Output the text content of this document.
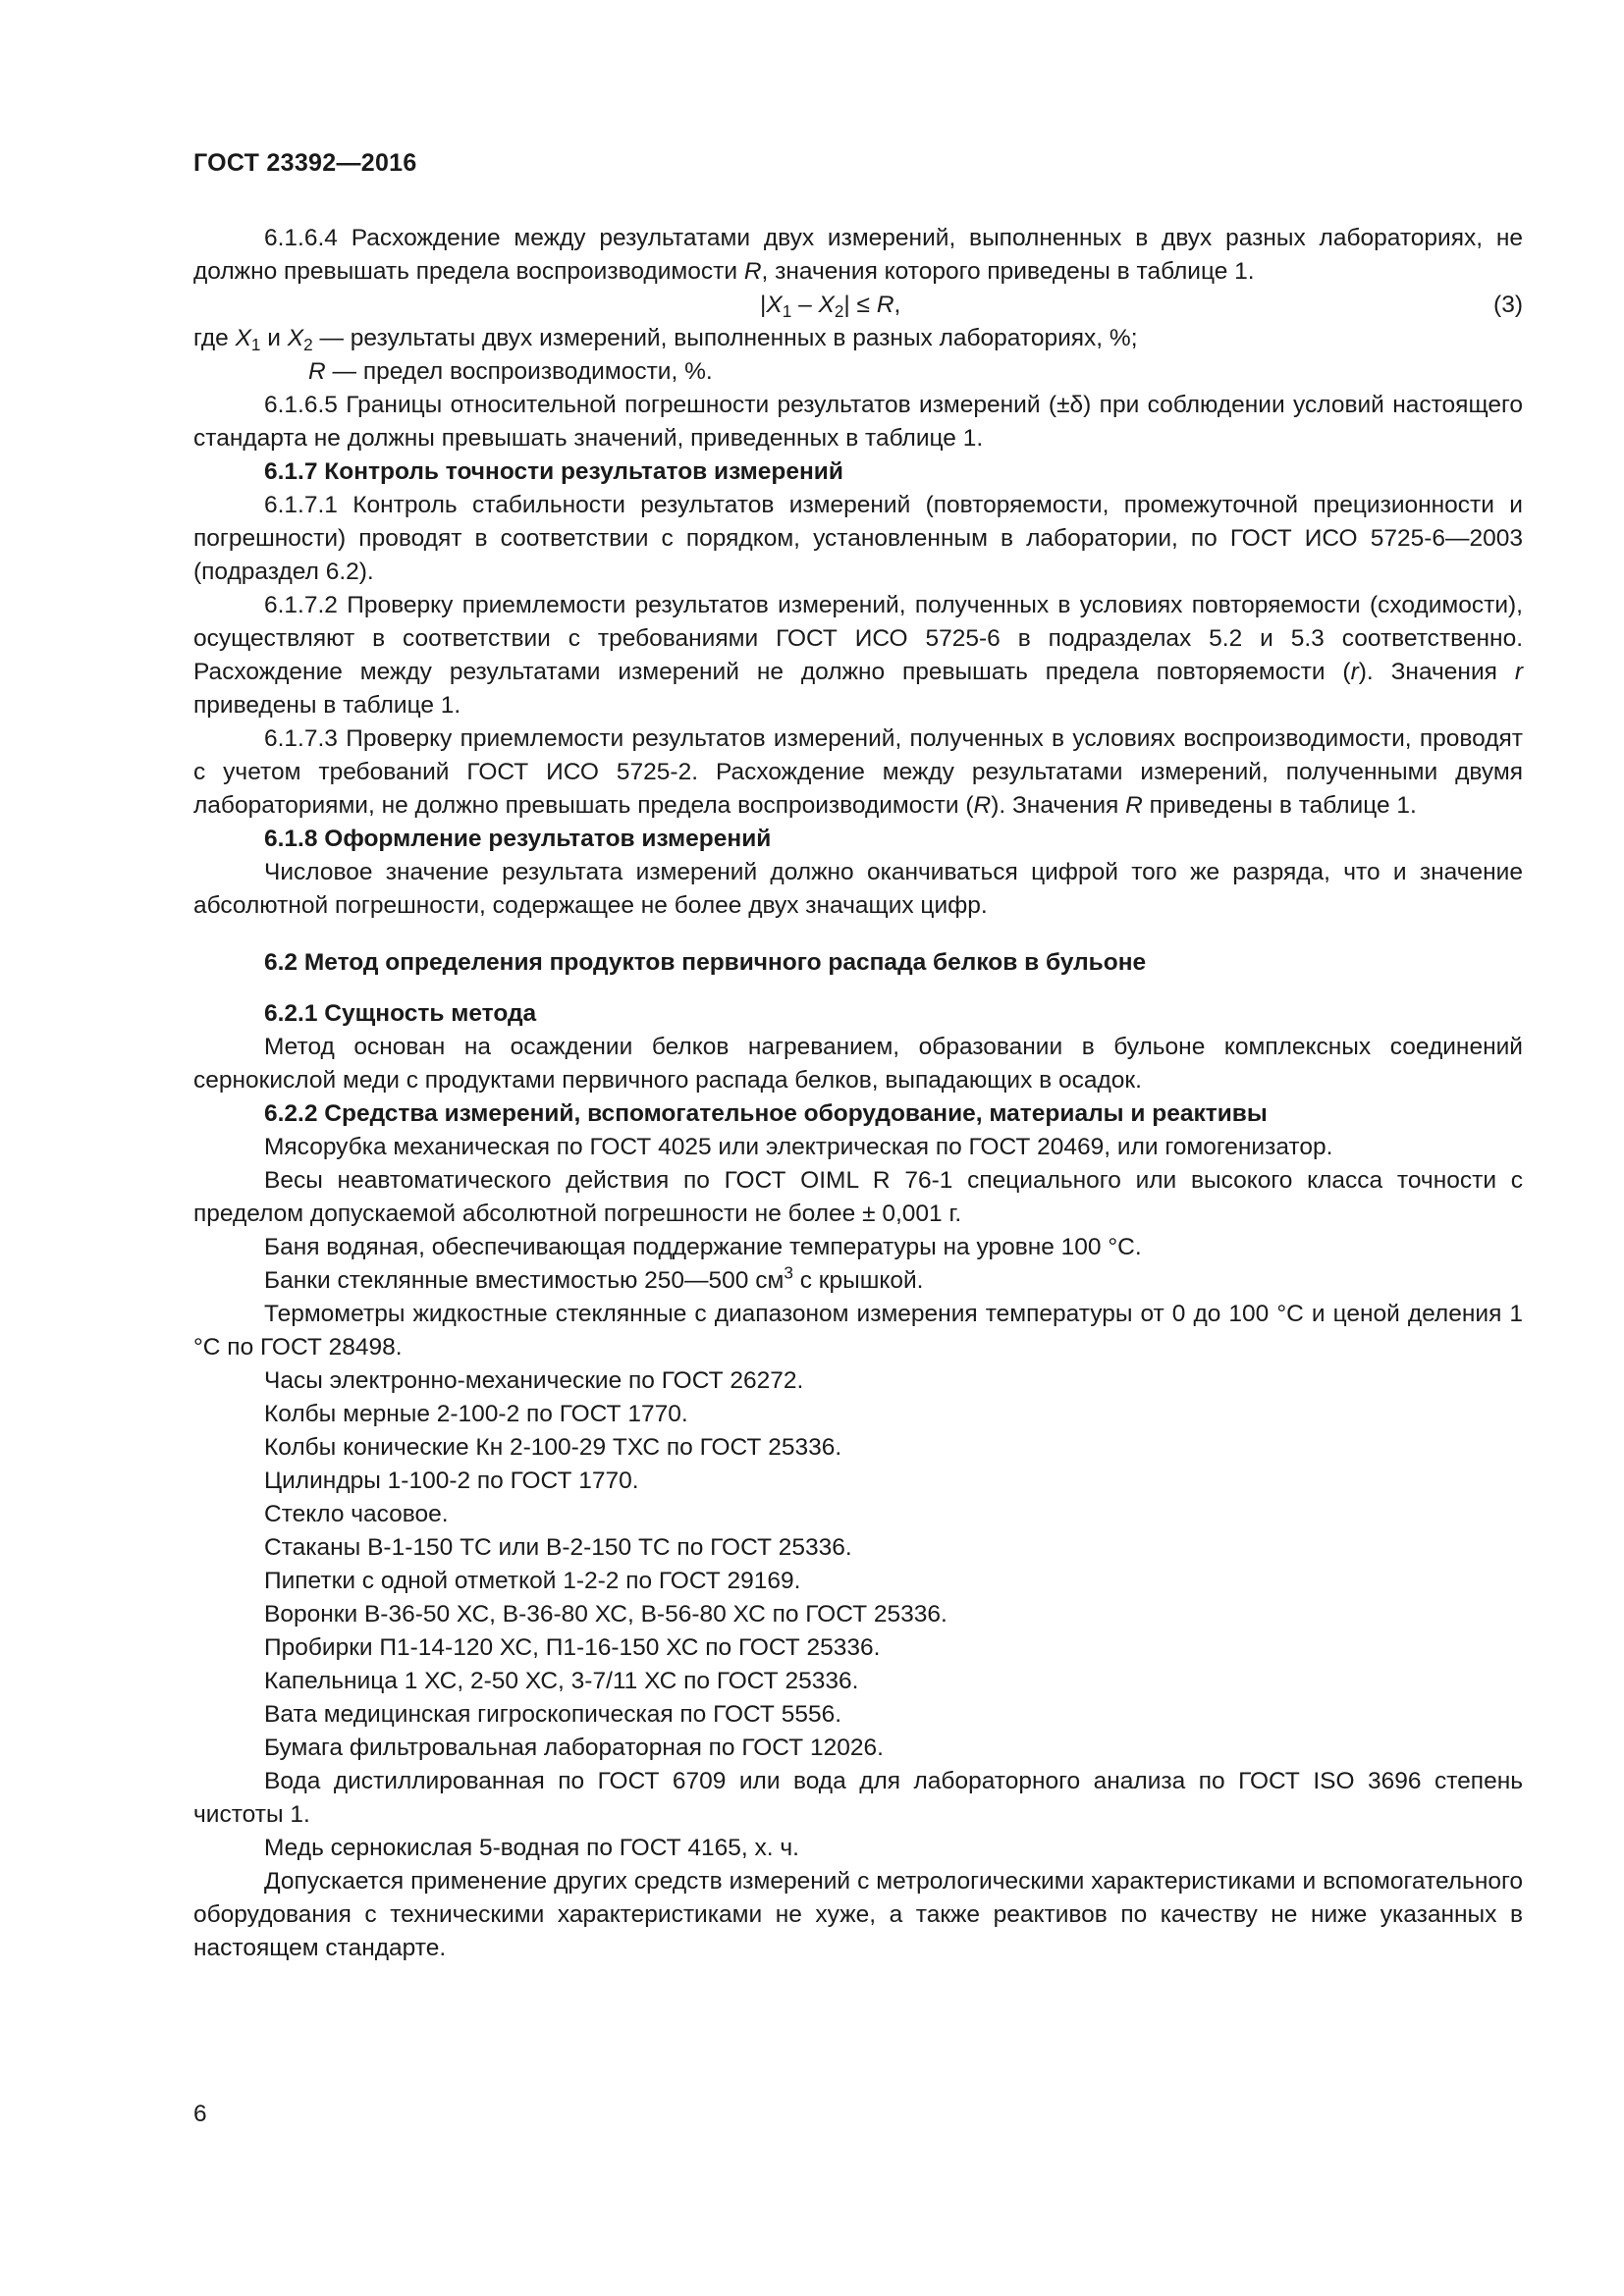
ГОСТ 23392—2016

6.1.6.4 Расхождение между результатами двух измерений, выполненных в двух разных лабораториях, не должно превышать предела воспроизводимости R, значения которого приведены в таблице 1.

$|X_1 - X_2| \le R$,	(3)

где $X_1$ и $X_2$ — результаты двух измерений, выполненных в разных лабораториях, %;

R — предел воспроизводимости, %.

6.1.6.5 Границы относительной погрешности результатов измерений (±δ) при соблюдении условий настоящего стандарта не должны превышать значений, приведенных в таблице 1.

6.1.7 Контроль точности результатов измерений

6.1.7.1 Контроль стабильности результатов измерений (повторяемости, промежуточной прецизионности и погрешности) проводят в соответствии с порядком, установленным в лаборатории, по ГОСТ ИСО 5725-6—2003 (подраздел 6.2).

6.1.7.2 Проверку приемлемости результатов измерений, полученных в условиях повторяемости (сходимости), осуществляют в соответствии с требованиями ГОСТ ИСО 5725-6 в подразделах 5.2 и 5.3 соответственно. Расхождение между результатами измерений не должно превышать предела повторяемости (r). Значения r приведены в таблице 1.

6.1.7.3 Проверку приемлемости результатов измерений, полученных в условиях воспроизводимости, проводят с учетом требований ГОСТ ИСО 5725-2. Расхождение между результатами измерений, полученными двумя лабораториями, не должно превышать предела воспроизводимости (R). Значения R приведены в таблице 1.

6.1.8 Оформление результатов измерений

Числовое значение результата измерений должно оканчиваться цифрой того же разряда, что и значение абсолютной погрешности, содержащее не более двух значащих цифр.

6.2 Метод определения продуктов первичного распада белков в бульоне

6.2.1 Сущность метода

Метод основан на осаждении белков нагреванием, образовании в бульоне комплексных соединений сернокислой меди с продуктами первичного распада белков, выпадающих в осадок.

6.2.2 Средства измерений, вспомогательное оборудование, материалы и реактивы

Мясорубка механическая по ГОСТ 4025 или электрическая по ГОСТ 20469, или гомогенизатор.

Весы неавтоматического действия по ГОСТ OIML R 76-1 специального или высокого класса точности с пределом допускаемой абсолютной погрешности не более ± 0,001 г.

Баня водяная, обеспечивающая поддержание температуры на уровне 100 °С.

Банки стеклянные вместимостью 250—500 $см^3$ с крышкой.

Термометры жидкостные стеклянные с диапазоном измерения температуры от 0 до 100 °С и ценой деления 1 °С по ГОСТ 28498.

Часы электронно-механические по ГОСТ 26272.

Колбы мерные 2-100-2 по ГОСТ 1770.

Колбы конические Кн 2-100-29 ТХС по ГОСТ 25336.

Цилиндры 1-100-2 по ГОСТ 1770.

Стекло часовое.

Стаканы В-1-150 ТС или В-2-150 ТС по ГОСТ 25336.

Пипетки с одной отметкой 1-2-2 по ГОСТ 29169.

Воронки В-36-50 ХС, В-36-80 ХС, В-56-80 ХС по ГОСТ 25336.

Пробирки П1-14-120 ХС, П1-16-150 ХС по ГОСТ 25336.

Капельница 1 ХС, 2-50 ХС, 3-7/11 ХС по ГОСТ 25336.

Вата медицинская гигроскопическая по ГОСТ 5556.

Бумага фильтровальная лабораторная по ГОСТ 12026.

Вода дистиллированная по ГОСТ 6709 или вода для лабораторного анализа по ГОСТ ISO 3696 степень чистоты 1.

Медь сернокислая 5-водная по ГОСТ 4165, х. ч.

Допускается применение других средств измерений с метрологическими характеристиками и вспомогательного оборудования с техническими характеристиками не хуже, а также реактивов по качеству не ниже указанных в настоящем стандарте.

6
